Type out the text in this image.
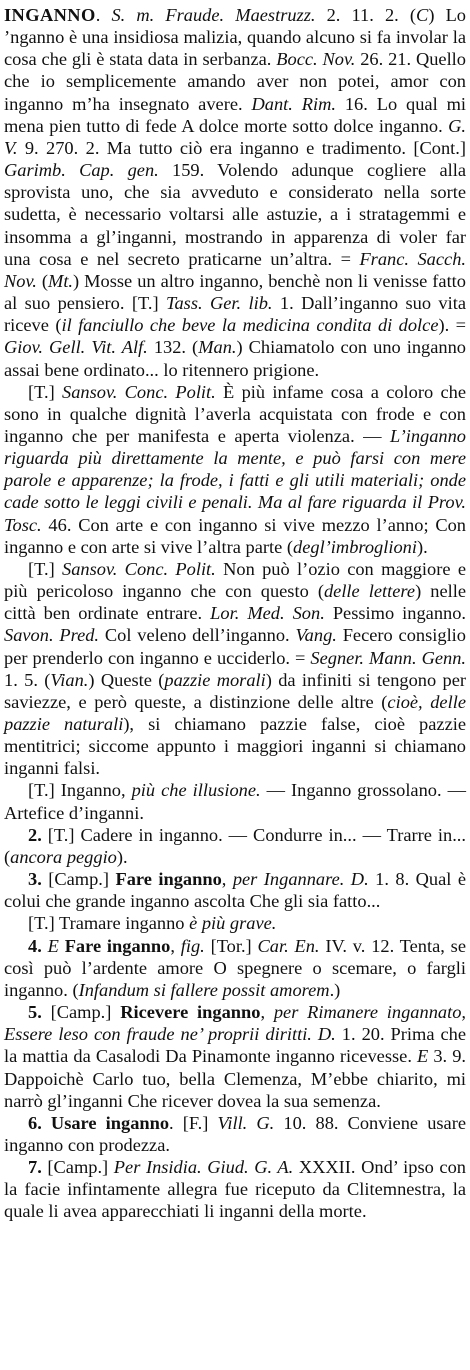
INGANNO. S. m. Fraude. Maestruzz. 2. 11. 2. (C) Lo ’nganno è una insidiosa malizia, quando alcuno si fa involar la cosa che gli è stata data in serbanza. Bocc. Nov. 26. 21. Quello che io semplicemente amando aver non potei, amor con inganno m’ha insegnato avere. Dant. Rim. 16. Lo qual mi mena pien tutto di fede A dolce morte sotto dolce inganno. G. V. 9. 270. 2. Ma tutto ciò era inganno e tradimento. [Cont.] Garimb. Cap. gen. 159. Volendo adunque cogliere alla sprovista uno, che sia avveduto e considerato nella sorte sudetta, è necessario voltarsi alle astuzie, a i stratagemmi e insomma a gl’inganni, mostrando in apparenza di voler far una cosa e nel secreto praticarne un’altra. = Franc. Sacch. Nov. (Mt.) Mosse un altro inganno, benchè non li venisse fatto al suo pensiero. [T.] Tass. Ger. lib. 1. Dall’inganno suo vita riceve (il fanciullo che beve la medicina condita di dolce). = Giov. Gell. Vit. Alf. 132. (Man.) Chiamatolo con uno inganno assai bene ordinato... lo ritennero prigione.

[T.] Sansov. Conc. Polit. È più infame cosa a coloro che sono in qualche dignità l’averla acquistata con frode e con inganno che per manifesta e aperta violenza. — L’inganno riguarda più direttamente la mente, e può farsi con mere parole e apparenze; la frode, i fatti e gli utili materiali; onde cade sotto le leggi civili e penali. Ma al fare riguarda il Prov. Tosc. 46. Con arte e con inganno si vive mezzo l’anno; Con inganno e con arte si vive l’altra parte (degl’imbroglioni).

[T.] Sansov. Conc. Polit. Non può l’ozio con maggiore e più pericoloso inganno che con questo (delle lettere) nelle città ben ordinate entrare. Lor. Med. Son. Pessimo inganno. Savon. Pred. Col veleno dell’inganno. Vang. Fecero consiglio per prenderlo con inganno e ucciderlo. = Segner. Mann. Genn. 1. 5. (Vian.) Queste (pazzie morali) da infiniti si tengono per saviezze, e però queste, a distinzione delle altre (cioè, delle pazzie naturali), si chiamano pazzie false, cioè pazzie mentitrici; siccome appunto i maggiori inganni si chiamano inganni falsi.

[T.] Inganno, più che illusione. — Inganno grossolano. — Artefice d’inganni.

2. [T.] Cadere in inganno. — Condurre in... — Trarre in... (ancora peggio).

3. [Camp.] Fare inganno, per Ingannare. D. 1. 8. Qual è colui che grande inganno ascolta Che gli sia fatto...

[T.] Tramare inganno è più grave.

4. E Fare inganno, fig. [Tor.] Car. En. IV. v. 12. Tenta, se così può l’ardente amore O spegnere o scemare, o fargli inganno. (Infandum si fallere possit amorem.)

5. [Camp.] Ricevere inganno, per Rimanere ingannato, Essere leso con fraude ne’ proprii diritti. D. 1. 20. Prima che la mattia da Casalodi Da Pinamonte inganno ricevesse. E 3. 9. Dappoichè Carlo tuo, bella Clemenza, M’ebbe chiarito, mi narrò gl’inganni Che ricever dovea la sua semenza.

6. Usare inganno. [F.] Vill. G. 10. 88. Conviene usare inganno con prodezza.

7. [Camp.] Per Insidia. Giud. G. A. XXXII. Ond’ ipso con la facie infintamente allegra fue riceputo da Clitemnestra, la quale li avea apparecchiati li inganni della morte.
